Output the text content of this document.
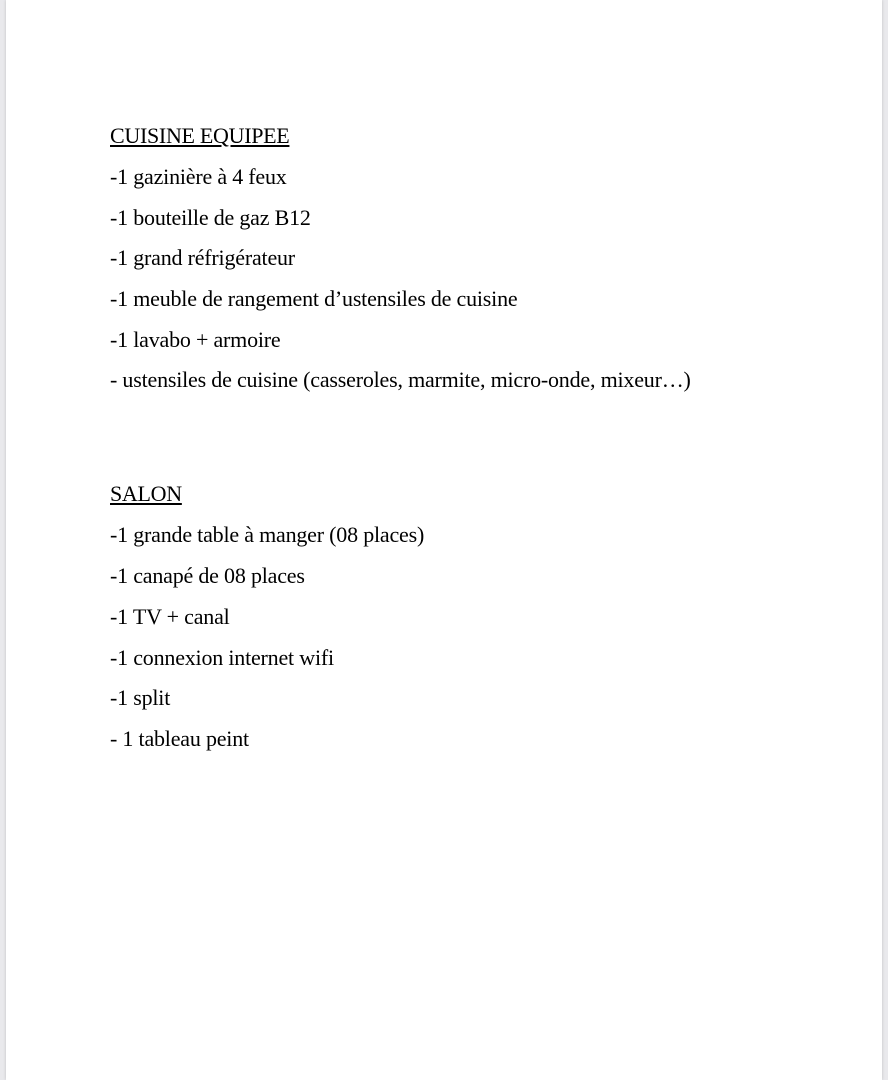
CUISINE EQUIPEE
-1 gazinière à 4 feux
-1 bouteille de gaz B12
-1 grand réfrigérateur
-1 meuble de rangement d’ustensiles de cuisine
-1 lavabo + armoire
- ustensiles de cuisine (casseroles, marmite, micro-onde, mixeur…)
SALON
-1 grande table à manger (08 places)
-1 canapé de 08 places
-1 TV + canal
-1 connexion internet wifi
-1 split
- 1 tableau peint
